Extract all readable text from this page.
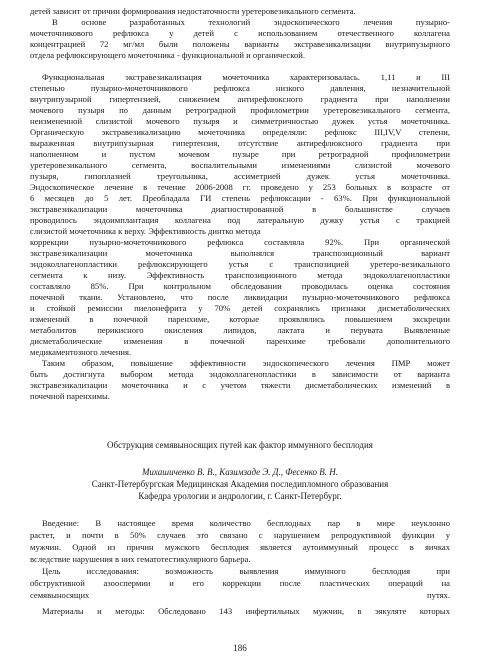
детей зависит от причин формирования недостаточности уретеровезикального сегмента.
В основе разработанных технологий эндоскопического лечения пузырно-
мочеточникового рефлюкса у детей с использованием отечественного коллагена
концентрацией 72 мг/мл были положены варианты экстравезикализации внутрипузырного
отдела рефлюксирующего мочеточника - функциональной и органической.
Функциональная экстравезикализация мочеточника характеризовалась. 1,11 и III
степенью пузырно-мочеточникового рефлюкса низкого давления, незначительной
внутрипузырной гипертензией, снижением антирефлюксного градиента при наполнении
мочевого пузыря по данным ретроградной профилометрии уретеровезикального сегмента,
неизмененной слизистой мочевого пузыря и симметричностью дужек устья мочеточника.
Органическую экстравезикализацию мочеточника определяли: рефлюкс III,IV,V степени,
выраженная внутрипузырная гипертензия, отсутствие антирефлюксного градиента при
наполненном и пустом мочевом пузыре при ретроградной профилометрии
уретеровезикального сегмента, воспалительными изменениями слизистой мочевого
пузыря, гипоплазией треугольника, ассиметрией дужек устья мочеточника.
Эндоскопическое лечение в течение 2006-2008 гг. проведено у 253 больных в возрасте от
6 месяцев до 5 лет. Преобладала ГИ степень рефлюксации - 63%. При функциональной
экстравезикализации мочеточника диагностированной в большинстве случаев
проводилось эндоимплантация коллагена под латеральную дужку устья с тракцией
слизистой мочеточника к верху. Эффективность динтко метода
коррекции пузырно-мочеточникового рефлюкса составляла 92%. При органической
экстравезикализации мочеточника выполнялся транспозиционный вариант
эндоколлагенопластики рефлюксирующего устья с транспозицией уретеро-везикального
сегмента к низу. Эффективность транспозиционного метода эндоколлагенопластики
составляло 85%. При контрольном обследовании проводилась оценка состояния
почечной ткани. Установлено, что после ликвидации пузырно-мочеточникового рефлюкса
и стойкой ремиссии пиелонефрита у 70% детей сохранялись признаки дисметаболических
изменений в почечной паренхиме, которые проявлялись повышением экскреции
метаболитов перикисного окисления липидов, лактата и перувата Выявленные
дисметаболические изменения в почечной паренхиме требовали дополнительного
медикаментозного лечения.
Таким образом, повышение эффективности эндоскопического лечения ПМР может
быть достигнута выбором метода эндоколлагенопластики в зависимости от варианта
экстравезикализации мочеточника и с учетом тяжести дисметаболических изменений в
почечной паренхимы.
Обструкция семявыносящих путей как фактор иммунного бесплодия
Михашиченко В. В., Казимзаде Э. Д., Фесенко В. Н.
Санкт-Петербургская Медицинская Академия последипломного образования
Кафедра урологии и андрологии, г. Санкт-Петербург.
Введение: В настоящее время количество бесплодных пар в мире неуклонно
растет, и почти в 50% случаев это связано с нарушением репродуктивной функции у
мужчин. Одной из причин мужского бесплодия является аутоиммунный процесс в яичках
вследствие нарушения в них гематотестикулярного барьера.
Цель исследования: возможность выявления иммунного бесплодия при
обструктивной азооспермии и его коррекции после пластических операций на
семявыносящих путях.
Материалы и методы: Обследовано 143 инфертильных мужчин, в эякуляте которых
186
